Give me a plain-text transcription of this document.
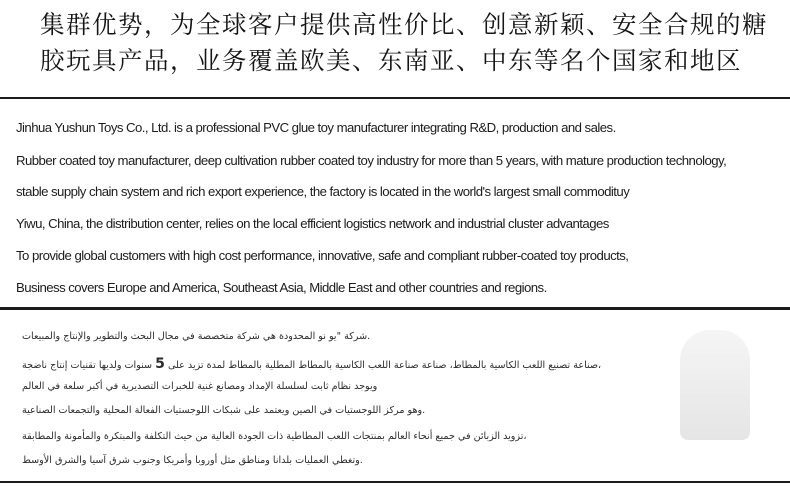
集群优势，为全球客户提供高性价比、创意新颖、安全合规的糖
胶玩具产品，业务覆盖欧美、东南亚、中东等名个国家和地区
Jinhua Yushun Toys Co., Ltd. is a professional PVC glue toy manufacturer integrating R&D, production and sales.
Rubber coated toy manufacturer, deep cultivation rubber coated toy industry for more than 5 years, with mature production technology,
stable supply chain system and rich export experience, the factory is located in the world's largest small commodituy
Yiwu, China, the distribution center, relies on the local efficient logistics network and industrial cluster advantages
To provide global customers with high cost performance, innovative, safe and compliant rubber-coated toy products,
Business covers Europe and America, Southeast Asia, Middle East and other countries and regions.
شركة "يو نو المحدودة هي شركة متخصصة في مجال البحث والتطوير والإنتاج والمبيعات.
صناعة تصنيع اللعب الكاسية بالمطاط، صناعة صناعة اللعب الكاسية بالمطاط المطلية بالمطاط لمدة تزيد على 5 سنوات ولديها تقنيات إنتاج ناضجة،
ويوجد نظام ثابت لسلسلة الإمداد ومصانع غنية للخبرات التصديرية في أكبر سلعة في العالم
وهو مركز اللوجستيات في الصين ويعتمد على شبكات اللوجستيات الفعالة المحلية والتجمعات الصناعية.
تزويد الزبائن في جميع أنحاء العالم بمنتجات اللعب المطاطية ذات الجودة العالية من حيث التكلفة والمبتكرة والمأمونة والمطابقة،
وتغطي العمليات بلدانا ومناطق مثل أوروبا وأمريكا وجنوب شرق آسيا والشرق الأوسط.
